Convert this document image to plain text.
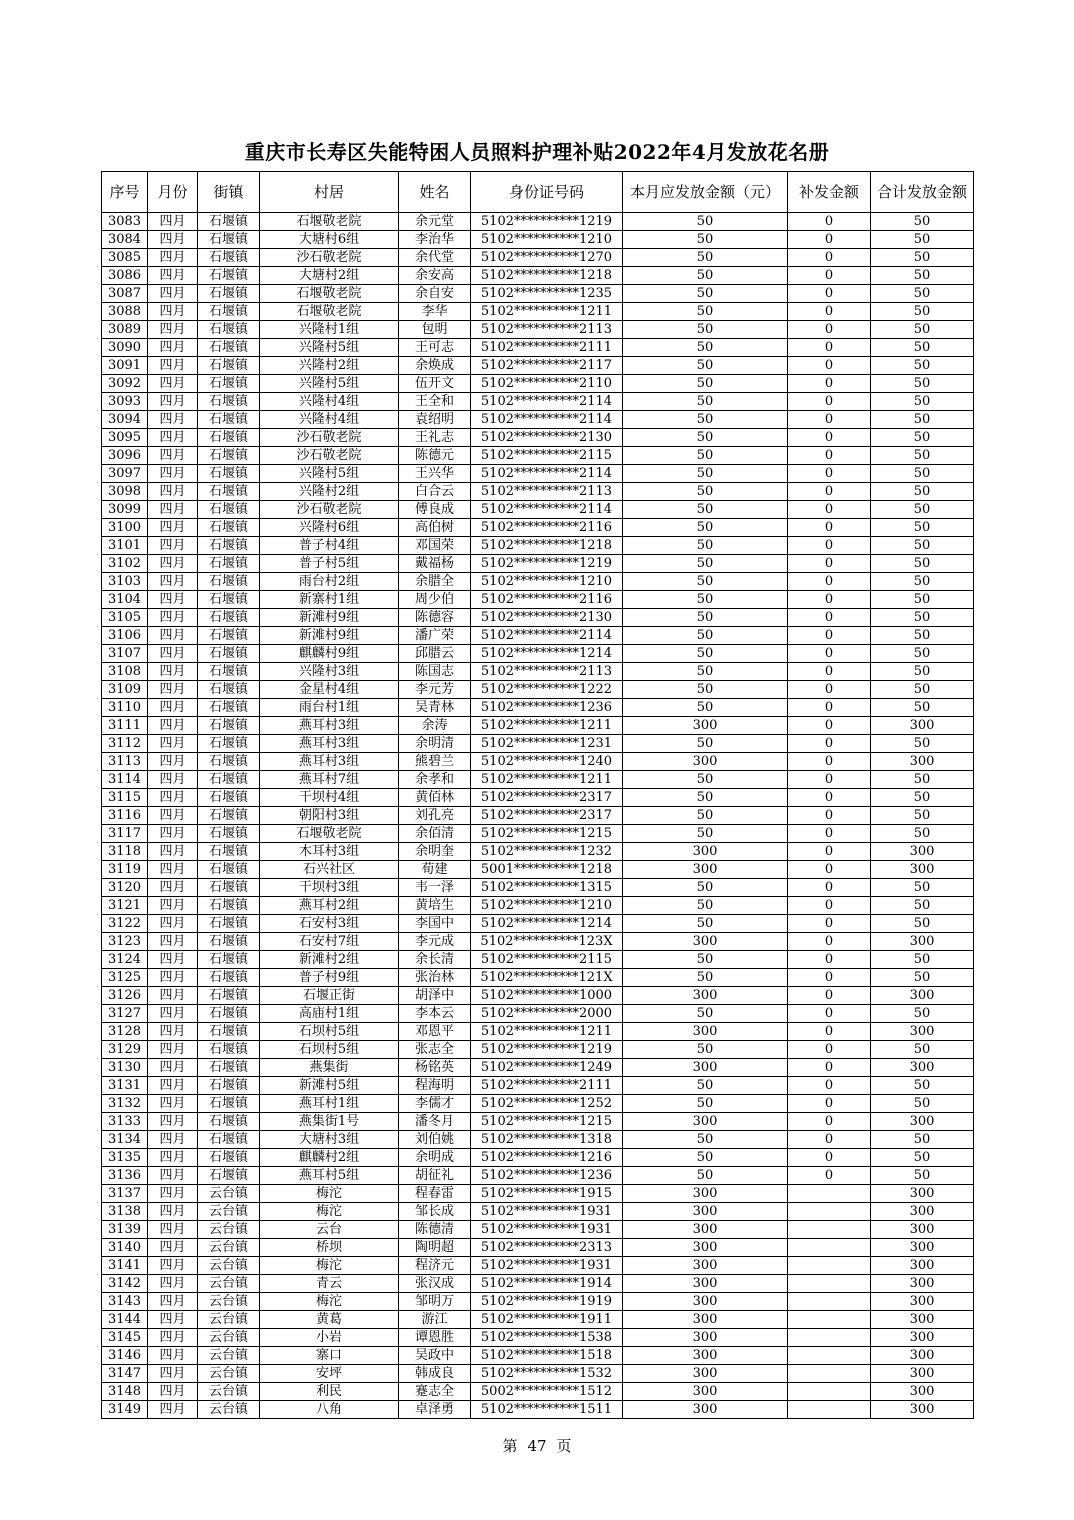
重庆市长寿区失能特困人员照料护理补贴2022年4月发放花名册
序号	月份	街镇	村居	姓名	身份证号码	本月应发放金额（元）	补发金额	合计发放金额
3083	四月	石堰镇	石堰敬老院	余元堂	5102**********1219	50	0	50
3084	四月	石堰镇	大塘村6组	李治华	5102**********1210	50	0	50
3085	四月	石堰镇	沙石敬老院	余代堂	5102**********1270	50	0	50
3086	四月	石堰镇	大塘村2组	余安高	5102**********1218	50	0	50
3087	四月	石堰镇	石堰敬老院	余自安	5102**********1235	50	0	50
3088	四月	石堰镇	石堰敬老院	李华	5102**********1211	50	0	50
3089	四月	石堰镇	兴隆村1组	包明	5102**********2113	50	0	50
3090	四月	石堰镇	兴隆村5组	王可志	5102**********2111	50	0	50
3091	四月	石堰镇	兴隆村2组	余焕成	5102**********2117	50	0	50
3092	四月	石堰镇	兴隆村5组	伍开文	5102**********2110	50	0	50
3093	四月	石堰镇	兴隆村4组	王全和	5102**********2114	50	0	50
3094	四月	石堰镇	兴隆村4组	袁绍明	5102**********2114	50	0	50
3095	四月	石堰镇	沙石敬老院	王礼志	5102**********2130	50	0	50
3096	四月	石堰镇	沙石敬老院	陈德元	5102**********2115	50	0	50
3097	四月	石堰镇	兴隆村5组	王兴华	5102**********2114	50	0	50
3098	四月	石堰镇	兴隆村2组	白合云	5102**********2113	50	0	50
3099	四月	石堰镇	沙石敬老院	傅良成	5102**********2114	50	0	50
3100	四月	石堰镇	兴隆村6组	高伯树	5102**********2116	50	0	50
3101	四月	石堰镇	普子村4组	邓国荣	5102**********1218	50	0	50
3102	四月	石堰镇	普子村5组	戴福杨	5102**********1219	50	0	50
3103	四月	石堰镇	雨台村2组	余腊全	5102**********1210	50	0	50
3104	四月	石堰镇	新寨村1组	周少伯	5102**********2116	50	0	50
3105	四月	石堰镇	新滩村9组	陈德容	5102**********2130	50	0	50
3106	四月	石堰镇	新滩村9组	潘广荣	5102**********2114	50	0	50
3107	四月	石堰镇	麒麟村9组	邱腊云	5102**********1214	50	0	50
3108	四月	石堰镇	兴隆村3组	陈国志	5102**********2113	50	0	50
3109	四月	石堰镇	金星村4组	李元芳	5102**********1222	50	0	50
3110	四月	石堰镇	雨台村1组	吴青林	5102**********1236	50	0	50
3111	四月	石堰镇	燕耳村3组	余涛	5102**********1211	300	0	300
3112	四月	石堰镇	燕耳村3组	余明清	5102**********1231	50	0	50
3113	四月	石堰镇	燕耳村3组	熊碧兰	5102**********1240	300	0	300
3114	四月	石堰镇	燕耳村7组	余孝和	5102**********1211	50	0	50
3115	四月	石堰镇	干坝村4组	黄佰林	5102**********2317	50	0	50
3116	四月	石堰镇	朝阳村3组	刘孔亮	5102**********2317	50	0	50
3117	四月	石堰镇	石堰敬老院	余佰清	5102**********1215	50	0	50
3118	四月	石堰镇	木耳村3组	余明奎	5102**********1232	300	0	300
3119	四月	石堰镇	石兴社区	荀建	5001**********1218	300	0	300
3120	四月	石堰镇	干坝村3组	韦一泽	5102**********1315	50	0	50
3121	四月	石堰镇	燕耳村2组	黄培生	5102**********1210	50	0	50
3122	四月	石堰镇	石安村3组	李国中	5102**********1214	50	0	50
3123	四月	石堰镇	石安村7组	李元成	5102**********123X	300	0	300
3124	四月	石堰镇	新滩村2组	余长清	5102**********2115	50	0	50
3125	四月	石堰镇	普子村9组	张治林	5102**********121X	50	0	50
3126	四月	石堰镇	石堰正街	胡泽中	5102**********1000	300	0	300
3127	四月	石堰镇	高庙村1组	李本云	5102**********2000	50	0	50
3128	四月	石堰镇	石坝村5组	邓恩平	5102**********1211	300	0	300
3129	四月	石堰镇	石坝村5组	张志全	5102**********1219	50	0	50
3130	四月	石堰镇	燕集街	杨铭英	5102**********1249	300	0	300
3131	四月	石堰镇	新滩村5组	程海明	5102**********2111	50	0	50
3132	四月	石堰镇	燕耳村1组	李儒才	5102**********1252	50	0	50
3133	四月	石堰镇	燕集街1号	潘冬月	5102**********1215	300	0	300
3134	四月	石堰镇	大塘村3组	刘伯姚	5102**********1318	50	0	50
3135	四月	石堰镇	麒麟村2组	余明成	5102**********1216	50	0	50
3136	四月	石堰镇	燕耳村5组	胡征礼	5102**********1236	50	0	50
3137	四月	云台镇	梅沱	程春雷	5102**********1915	300		300
3138	四月	云台镇	梅沱	邹长成	5102**********1931	300		300
3139	四月	云台镇	云台	陈德清	5102**********1931	300		300
3140	四月	云台镇	桥坝	陶明超	5102**********2313	300		300
3141	四月	云台镇	梅沱	程济元	5102**********1931	300		300
3142	四月	云台镇	青云	张汉成	5102**********1914	300		300
3143	四月	云台镇	梅沱	邹明万	5102**********1919	300		300
3144	四月	云台镇	黄葛	游江	5102**********1911	300		300
3145	四月	云台镇	小岩	谭恩胜	5102**********1538	300		300
3146	四月	云台镇	寨口	吴政中	5102**********1518	300		300
3147	四月	云台镇	安坪	韩成良	5102**********1532	300		300
3148	四月	云台镇	利民	蹇志全	5002**********1512	300		300
3149	四月	云台镇	八角	卓泽勇	5102**********1511	300		300
第 47 页
